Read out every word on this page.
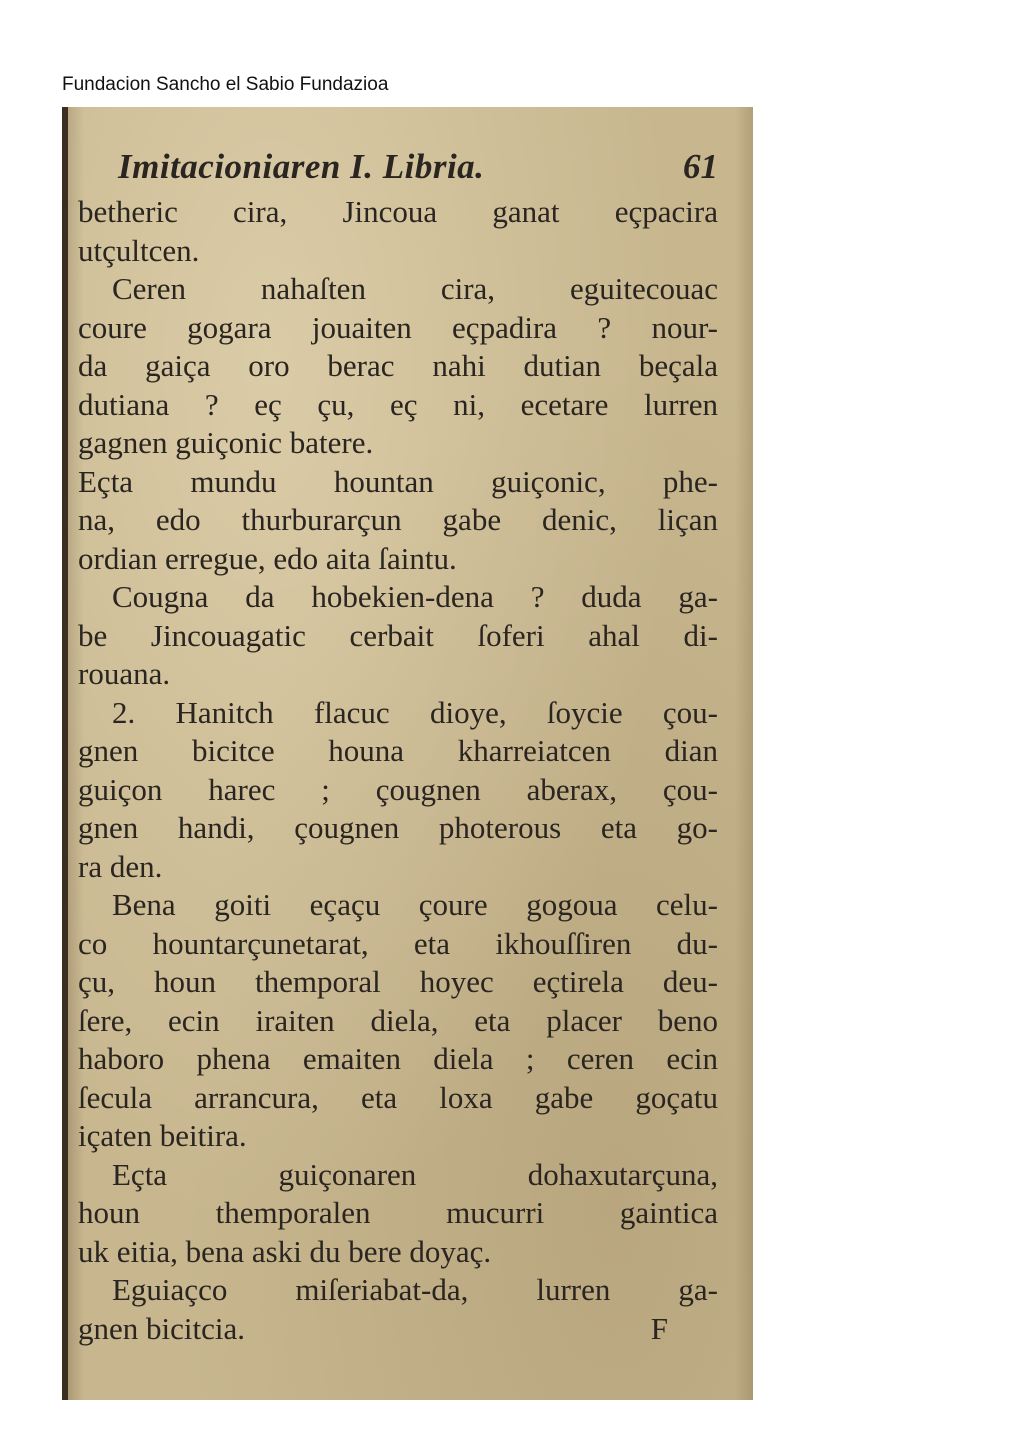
Fundacion Sancho el Sabio Fundazioa
Imitacioniaren I. Libria.	61
betheric cira, Jincoua ganat eçpacira
utçultcen.
Ceren nahaſten cira, eguitecouac
coure gogara jouaiten eçpadira ? nour-
da gaiça oro berac nahi dutian beçala
dutiana ? eç çu, eç ni, ecetare lurren
gagnen guiçonic batere.
Eçta mundu hountan guiçonic, phe-
na, edo thurburarçun gabe denic, liçan
ordian erregue, edo aita ſaintu.
Cougna da hobekien-dena ? duda ga-
be Jincouagatic cerbait ſoferi ahal di-
rouana.
2. Hanitch flacuc dioye, ſoycie çou-
gnen bicitce houna kharreiatcen dian
guiçon harec ; çougnen aberax, çou-
gnen handi, çougnen photerous eta go-
ra den.
Bena goiti eçaçu çoure gogoua celu-
co hountarçunetarat, eta ikhouſſiren du-
çu, houn themporal hoyec eçtirela deu-
ſere, ecin iraiten diela, eta placer beno
haboro phena emaiten diela ; ceren ecin
ſecula arrancura, eta loxa gabe goçatu
içaten beitira.
Eçta guiçonaren dohaxutarçuna,
houn themporalen mucurri gaintica
uk eitia, bena aski du bere doyaç.
Eguiaçco miſeriabat-da, lurren ga-
gnen bicitcia.	F
